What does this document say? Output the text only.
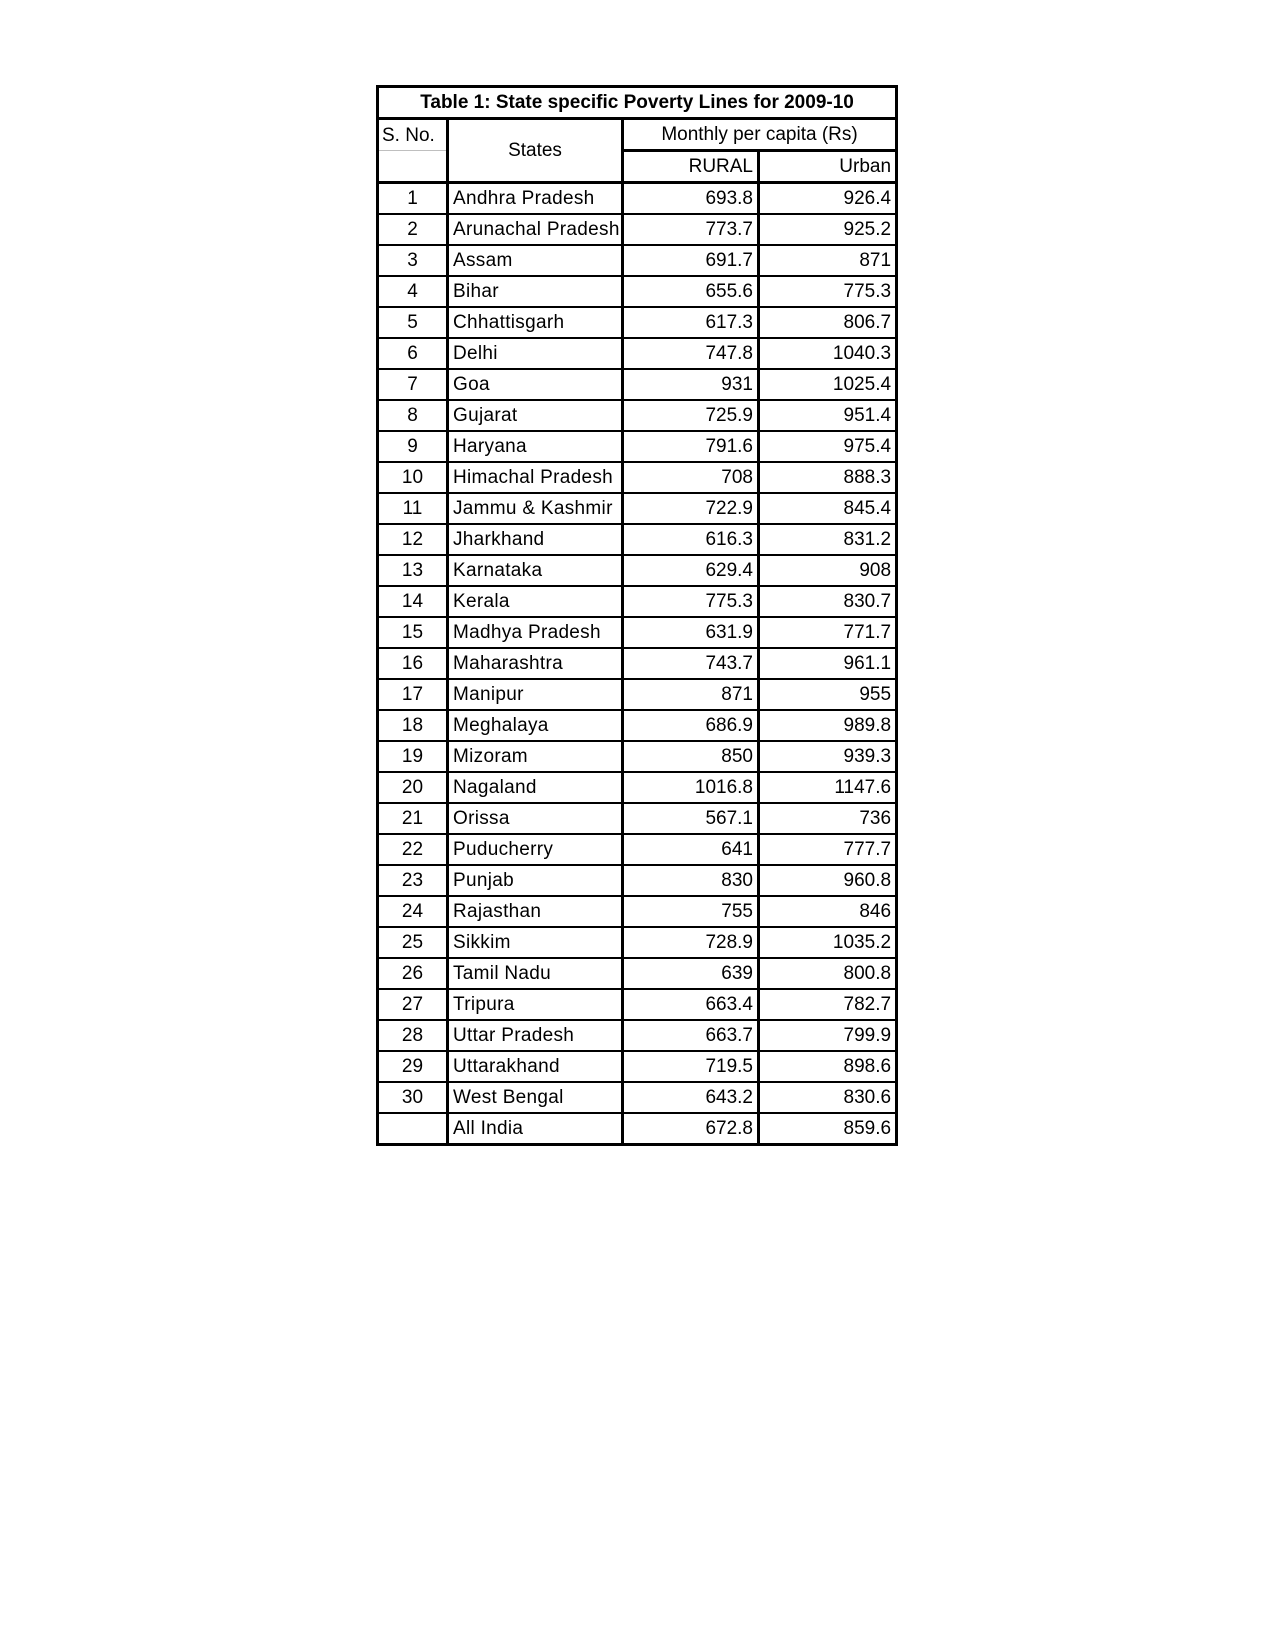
Table 1: State specific Poverty Lines for 2009-10			
S. No.	States	Monthly per capita (Rs)	
		RURAL	Urban
1	Andhra Pradesh	693.8	926.4
2	Arunachal Pradesh	773.7	925.2
3	Assam	691.7	871
4	Bihar	655.6	775.3
5	Chhattisgarh	617.3	806.7
6	Delhi	747.8	1040.3
7	Goa	931	1025.4
8	Gujarat	725.9	951.4
9	Haryana	791.6	975.4
10	Himachal Pradesh	708	888.3
11	Jammu & Kashmir	722.9	845.4
12	Jharkhand	616.3	831.2
13	Karnataka	629.4	908
14	Kerala	775.3	830.7
15	Madhya Pradesh	631.9	771.7
16	Maharashtra	743.7	961.1
17	Manipur	871	955
18	Meghalaya	686.9	989.8
19	Mizoram	850	939.3
20	Nagaland	1016.8	1147.6
21	Orissa	567.1	736
22	Puducherry	641	777.7
23	Punjab	830	960.8
24	Rajasthan	755	846
25	Sikkim	728.9	1035.2
26	Tamil Nadu	639	800.8
27	Tripura	663.4	782.7
28	Uttar Pradesh	663.7	799.9
29	Uttarakhand	719.5	898.6
30	West Bengal	643.2	830.6
	All India	672.8	859.6
